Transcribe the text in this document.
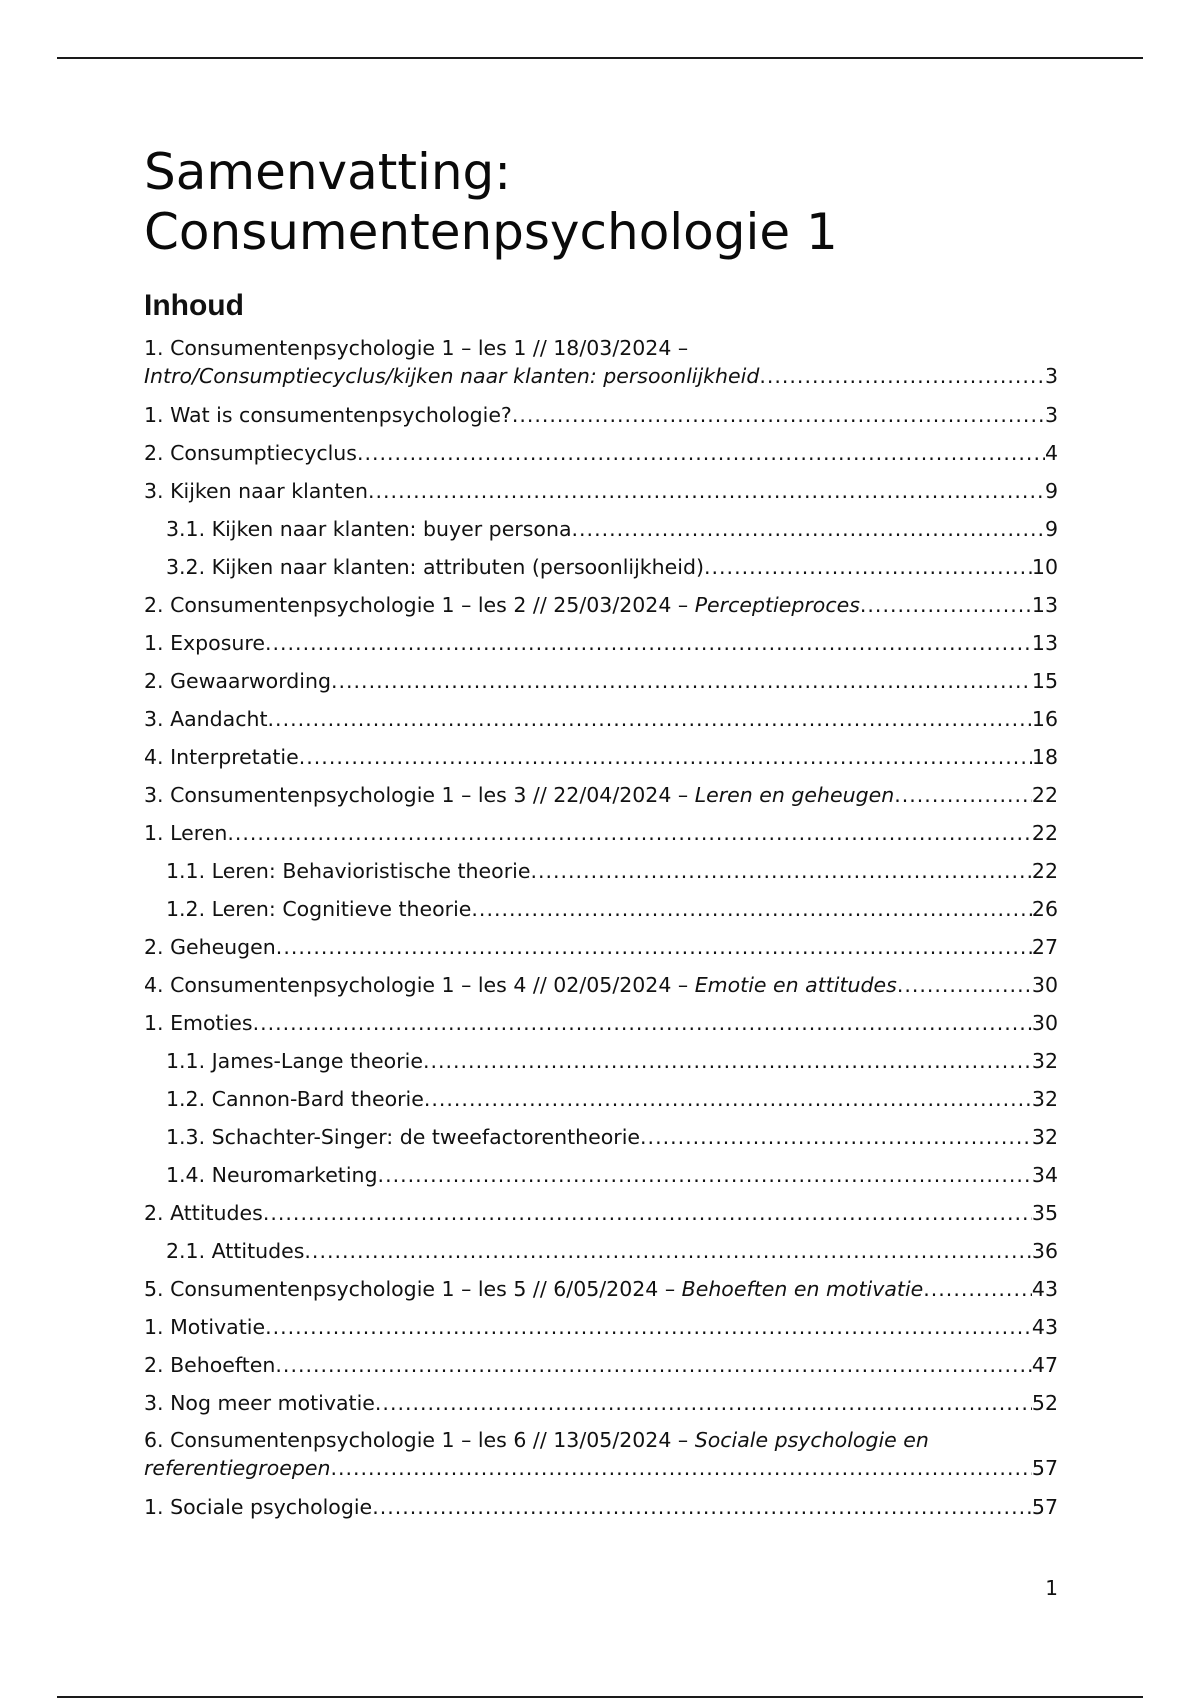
Samenvatting:
Consumentenpsychologie 1
Inhoud
1. Consumentenpsychologie 1 – les 1 // 18/03/2024 –
Intro/Consumptiecyclus/kijken naar klanten: persoonlijkheid .....	3
1. Wat is consumentenpsychologie? .....	3
2. Consumptiecyclus .....	4
3. Kijken naar klanten .....	9
3.1. Kijken naar klanten: buyer persona .....	9
3.2. Kijken naar klanten: attributen (persoonlijkheid) .....	10
2. Consumentenpsychologie 1 – les 2 // 25/03/2024 – Perceptieproces .....	13
1. Exposure .....	13
2. Gewaarwording .....	15
3. Aandacht .....	16
4. Interpretatie .....	18
3. Consumentenpsychologie 1 – les 3 // 22/04/2024 – Leren en geheugen .....	22
1. Leren .....	22
1.1. Leren: Behavioristische theorie .....	22
1.2. Leren: Cognitieve theorie .....	26
2. Geheugen .....	27
4. Consumentenpsychologie 1 – les 4 // 02/05/2024 – Emotie en attitudes .....	30
1. Emoties .....	30
1.1. James-Lange theorie .....	32
1.2. Cannon-Bard theorie .....	32
1.3. Schachter-Singer: de tweefactorentheorie .....	32
1.4. Neuromarketing .....	34
2. Attitudes .....	35
2.1. Attitudes .....	36
5. Consumentenpsychologie 1 – les 5 // 6/05/2024 – Behoeften en motivatie .....	43
1. Motivatie .....	43
2. Behoeften .....	47
3. Nog meer motivatie .....	52
6. Consumentenpsychologie 1 – les 6 // 13/05/2024 – Sociale psychologie en
referentiegroepen .....	57
1. Sociale psychologie .....	57
1
